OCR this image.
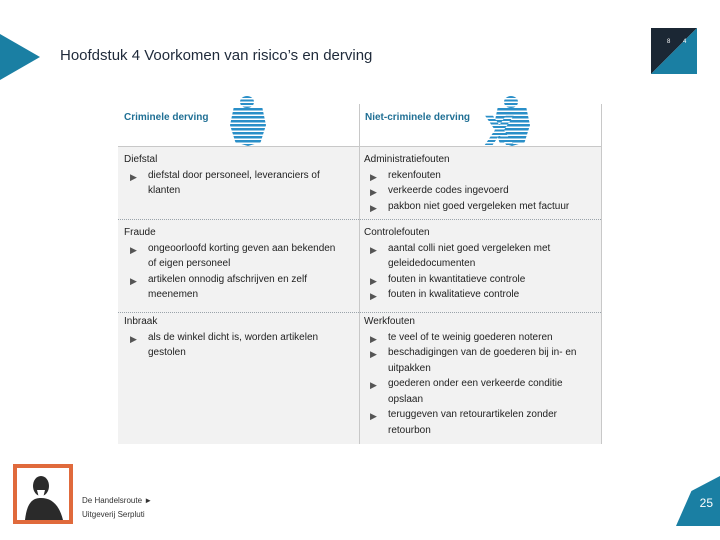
Hoofdstuk 4 Voorkomen van risico’s en derving
8 4
Criminele derving	Niet-criminele derving X
Diefstal
▶ diefstal door personeel, leveranciers of
klanten
Fraude
▶ ongeoorloofd korting geven aan bekenden
of eigen personeel
▶ artikelen onnodig afschrijven en zelf
meenemen
Inbraak
▶ als de winkel dicht is, worden artikelen
gestolen
Administratiefouten
▶ rekenfouten
▶ verkeerde codes ingevoerd
▶ pakbon niet goed vergeleken met factuur
Controlefouten
▶ aantal colli niet goed vergeleken met
geleidedocumenten
▶ fouten in kwantitatieve controle
▶ fouten in kwalitatieve controle
Werkfouten
▶ te veel of te weinig goederen noteren
▶ beschadigingen van de goederen bij in- en
uitpakken
▶ goederen onder een verkeerde conditie
opslaan
▶ teruggeven van retourartikelen zonder
retourbon
De Handelsroute ►
Uitgeverij Serpluti
25
